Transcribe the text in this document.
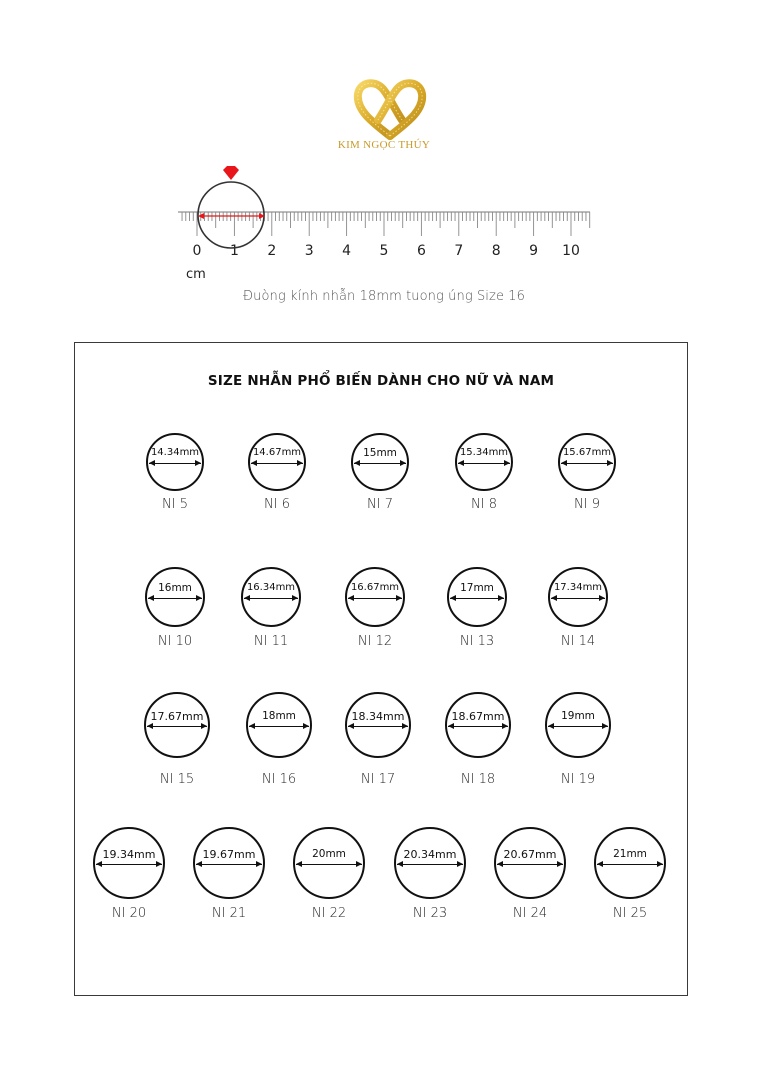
KIM NGỌC THÚY
0 1 2 3 4 5 6 7 8 9 10
cm
Đuòng kính nhẫn 18mm tuong úng Size 16
SIZE NHẪN PHỔ BIẾN DÀNH CHO NỮ VÀ NAM
14.34mm
NI 5
14.67mm
NI 6
15mm
NI 7
15.34mm
NI 8
15.67mm
NI 9
16mm
NI 10
16.34mm
NI 11
16.67mm
NI 12
17mm
NI 13
17.34mm
NI 14
17.67mm
NI 15
18mm
NI 16
18.34mm
NI 17
18.67mm
NI 18
19mm
NI 19
19.34mm
NI 20
19.67mm
NI 21
20mm
NI 22
20.34mm
NI 23
20.67mm
NI 24
21mm
NI 25
